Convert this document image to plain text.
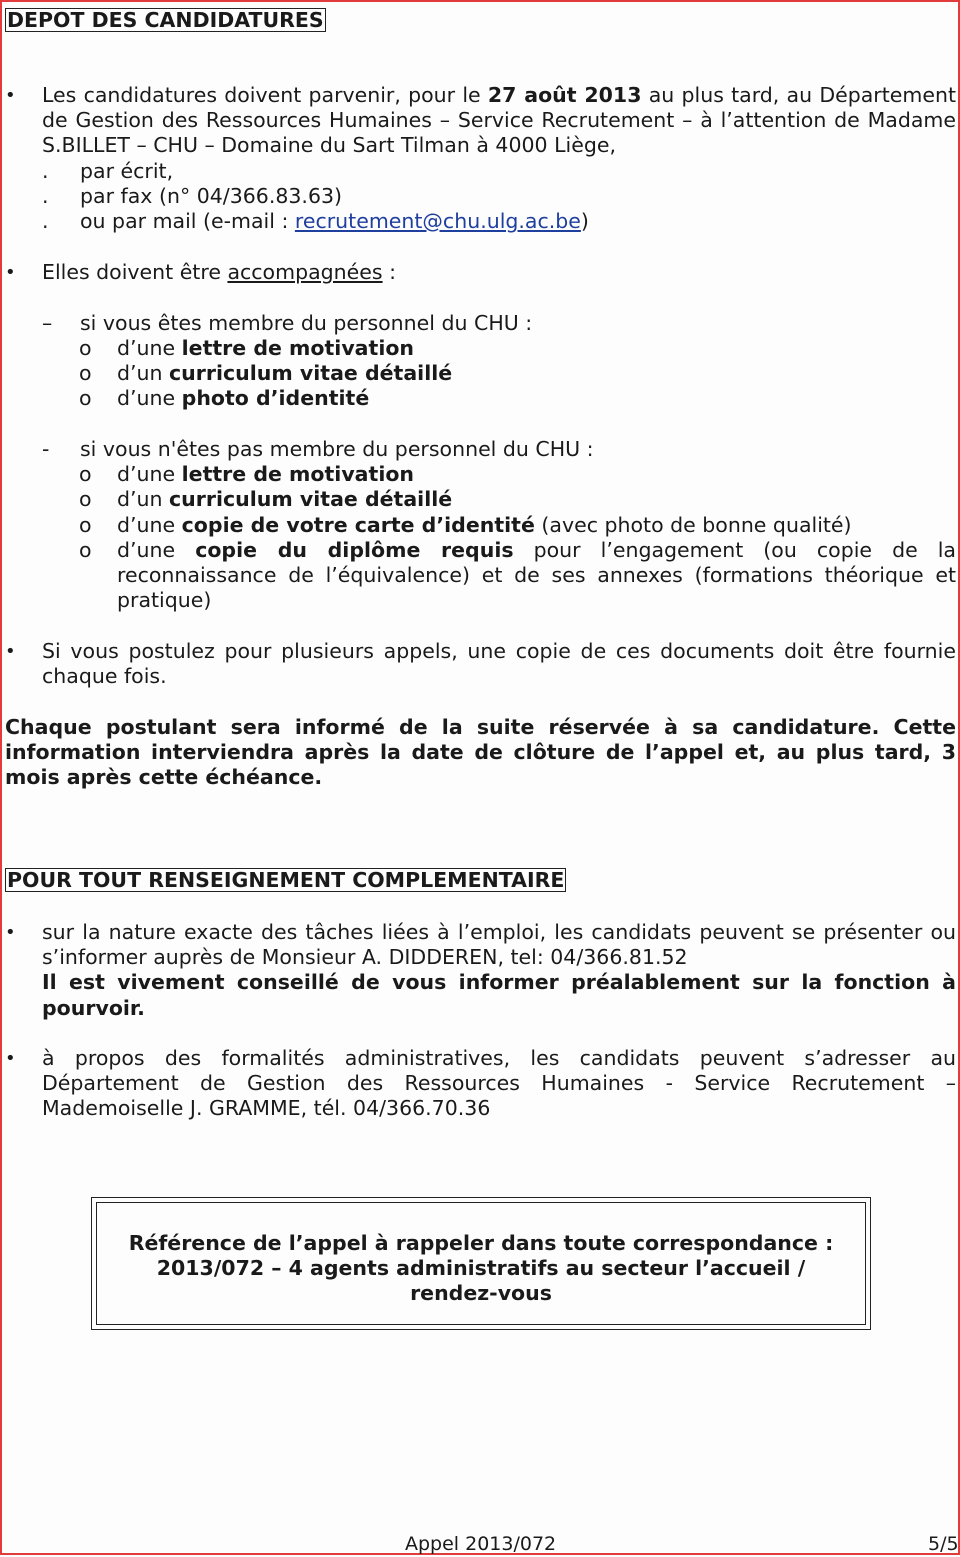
DEPOT DES CANDIDATURES
• Les candidatures doivent parvenir, pour le 27 août 2013 au plus tard, au Département de Gestion des Ressources Humaines – Service Recrutement – à l’attention de Madame S.BILLET – CHU – Domaine du Sart Tilman à 4000 Liège,
. par écrit,
. par fax (n° 04/366.83.63)
. ou par mail (e-mail : recrutement@chu.ulg.ac.be)
• Elles doivent être accompagnées :
– si vous êtes membre du personnel du CHU :
o d’une lettre de motivation
o d’un curriculum vitae détaillé
o d’une photo d’identité
- si vous n'êtes pas membre du personnel du CHU :
o d’une lettre de motivation
o d’un curriculum vitae détaillé
o d’une copie de votre carte d’identité (avec photo de bonne qualité)
o d’une copie du diplôme requis pour l’engagement (ou copie de la reconnaissance de l’équivalence) et de ses annexes (formations théorique et pratique)
• Si vous postulez pour plusieurs appels, une copie de ces documents doit être fournie chaque fois.
Chaque postulant sera informé de la suite réservée à sa candidature. Cette information interviendra après la date de clôture de l’appel et, au plus tard, 3 mois après cette échéance.
POUR TOUT RENSEIGNEMENT COMPLEMENTAIRE
• sur la nature exacte des tâches liées à l’emploi, les candidats peuvent se présenter ou s’informer auprès de Monsieur A. DIDDEREN, tel: 04/366.81.52
Il est vivement conseillé de vous informer préalablement sur la fonction à pourvoir.
• à propos des formalités administratives, les candidats peuvent s’adresser au Département de Gestion des Ressources Humaines - Service Recrutement – Mademoiselle J. GRAMME, tél. 04/366.70.36
Référence de l’appel à rappeler dans toute correspondance :
2013/072 – 4 agents administratifs au secteur l’accueil /
rendez-vous
Appel 2013/072	5/5
